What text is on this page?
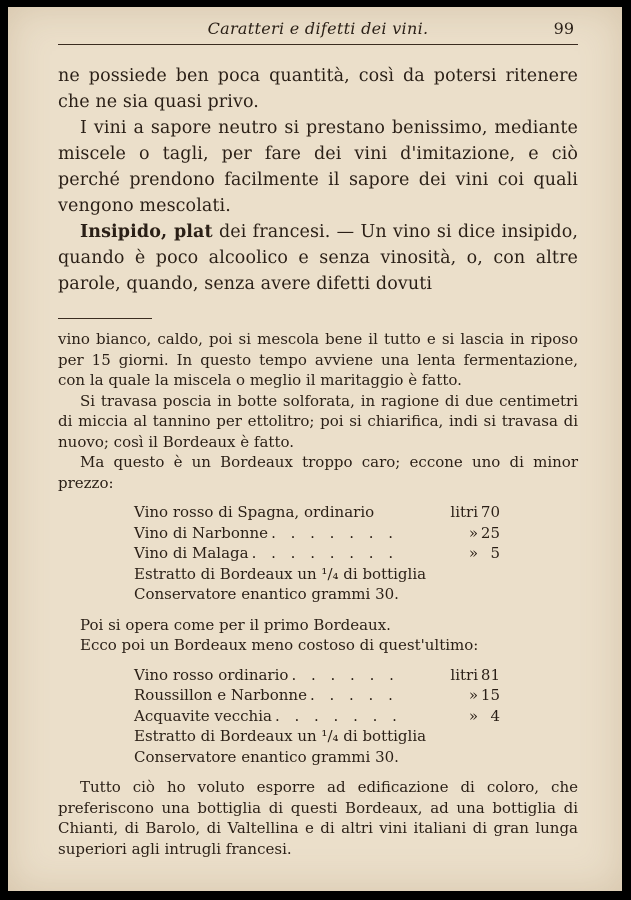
Caratteri e difetti dei vini.	99

ne possiede ben poca quantità, così da potersi ritenere che ne sia quasi privo.

I vini a sapore neutro si prestano benissimo, mediante miscele o tagli, per fare dei vini d'imitazione, e ciò perché prendono facilmente il sapore dei vini coi quali vengono mescolati.

Insipido, plat dei francesi. — Un vino si dice insipido, quando è poco alcoolico e senza vinosità, o, con altre parole, quando, senza avere difetti dovuti

vino bianco, caldo, poi si mescola bene il tutto e si lascia in riposo per 15 giorni. In questo tempo avviene una lenta fermentazione, con la quale la miscela o meglio il maritaggio è fatto.

Si travasa poscia in botte solforata, in ragione di due centimetri di miccia al tannino per ettolitro; poi si chiarifica, indi si travasa di nuovo; così il Bordeaux è fatto.

Ma questo è un Bordeaux troppo caro; eccone uno di minor prezzo:

Vino rosso di Spagna, ordinario	litri 70
Vino di Narbonne . . . . . . .	» 25
Vino di Malaga . . . . . . . .	» 5
Estratto di Bordeaux un ¹/₄ di bottiglia
Conservatore enantico grammi 30.

Poi si opera come per il primo Bordeaux.

Ecco poi un Bordeaux meno costoso di quest'ultimo:

Vino rosso ordinario . . . . . .	litri 81
Roussillon e Narbonne . . . . .	» 15
Acquavite vecchia . . . . . . .	» 4
Estratto di Bordeaux un ¹/₄ di bottiglia
Conservatore enantico grammi 30.

Tutto ciò ho voluto esporre ad edificazione di coloro, che preferiscono una bottiglia di questi Bordeaux, ad una bottiglia di Chianti, di Barolo, di Valtellina e di altri vini italiani di gran lunga superiori agli intrugli francesi.
